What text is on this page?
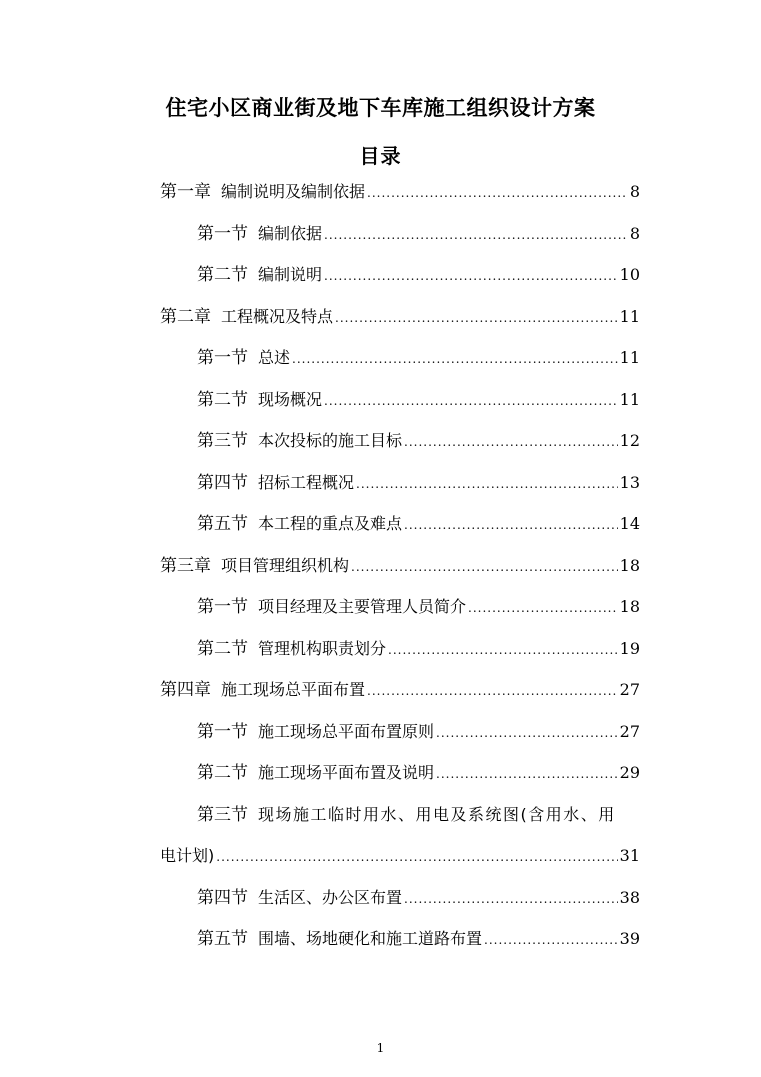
住宅小区商业街及地下车库施工组织设计方案
目录
第一章 编制说明及编制依据 .....	8
第一节 编制依据 .....	8
第二节 编制说明 .....	10
第二章 工程概况及特点 .....	11
第一节 总述 .....	11
第二节 现场概况 .....	11
第三节 本次投标的施工目标 .....	12
第四节 招标工程概况 .....	13
第五节 本工程的重点及难点 .....	14
第三章 项目管理组织机构 .....	18
第一节 项目经理及主要管理人员简介 .....	18
第二节 管理机构职责划分 .....	19
第四章 施工现场总平面布置 .....	27
第一节 施工现场总平面布置原则 .....	27
第二节 施工现场平面布置及说明 .....	29
第三节 现场施工临时用水、用电及系统图(含用水、用
电计划) .....	31
第四节 生活区、办公区布置 .....	38
第五节 围墙、场地硬化和施工道路布置 .....	39
1
